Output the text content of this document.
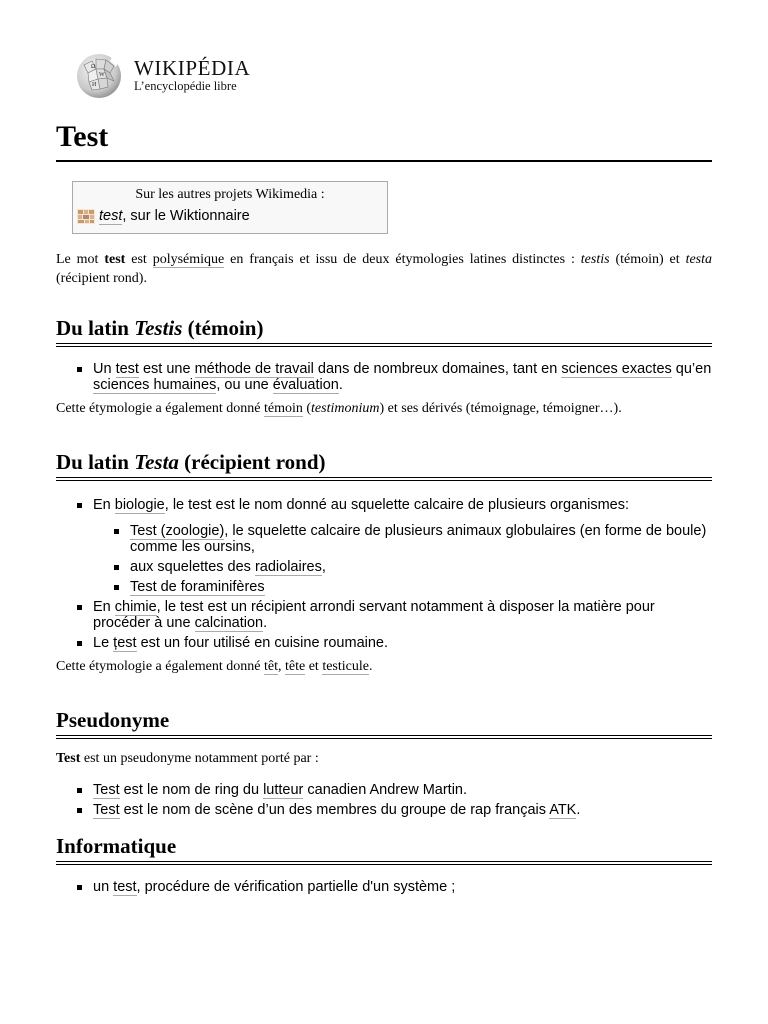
Ω
W
И
WIKIPÉDIA
L’encyclopédie libre
Test
Sur les autres projets Wikimedia :
test, sur le Wiktionnaire

Le mot test est polysémique en français et issu de deux étymologies latines distinctes : testis (témoin) et testa (récipient rond).

Du latin Testis (témoin)
Un test est une méthode de travail dans de nombreux domaines, tant en sciences exactes qu’en sciences humaines, ou une évaluation.

Cette étymologie a également donné témoin (testimonium) et ses dérivés (témoignage, témoigner…).

Du latin Testa (récipient rond)
En biologie, le test est le nom donné au squelette calcaire de plusieurs organismes:
Test (zoologie), le squelette calcaire de plusieurs animaux globulaires (en forme de boule) comme les oursins,
aux squelettes des radiolaires,
Test de foraminifères
En chimie, le test est un récipient arrondi servant notamment à disposer la matière pour procéder à une calcination.
Le țest est un four utilisé en cuisine roumaine.

Cette étymologie a également donné têt, tête et testicule.

Pseudonyme

Test est un pseudonyme notamment porté par :

Test est le nom de ring du lutteur canadien Andrew Martin.
Test est le nom de scène d’un des membres du groupe de rap français ATK.
Informatique
un test, procédure de vérification partielle d'un système ;
